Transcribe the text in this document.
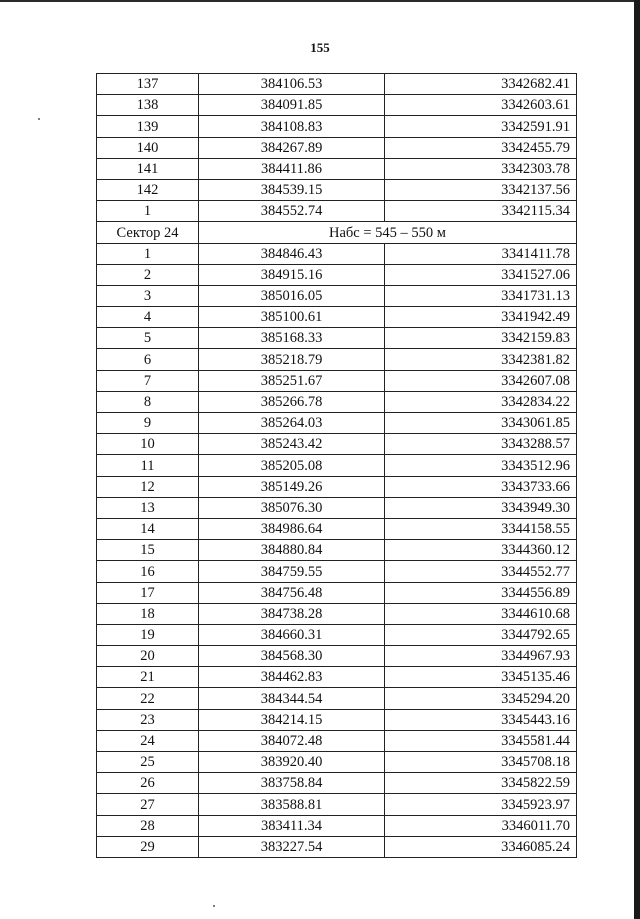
155
137	384106.53	3342682.41
138	384091.85	3342603.61
139	384108.83	3342591.91
140	384267.89	3342455.79
141	384411.86	3342303.78
142	384539.15	3342137.56
1	384552.74	3342115.34
Сектор 24	Набс = 545 – 550 м	
1	384846.43	3341411.78
2	384915.16	3341527.06
3	385016.05	3341731.13
4	385100.61	3341942.49
5	385168.33	3342159.83
6	385218.79	3342381.82
7	385251.67	3342607.08
8	385266.78	3342834.22
9	385264.03	3343061.85
10	385243.42	3343288.57
11	385205.08	3343512.96
12	385149.26	3343733.66
13	385076.30	3343949.30
14	384986.64	3344158.55
15	384880.84	3344360.12
16	384759.55	3344552.77
17	384756.48	3344556.89
18	384738.28	3344610.68
19	384660.31	3344792.65
20	384568.30	3344967.93
21	384462.83	3345135.46
22	384344.54	3345294.20
23	384214.15	3345443.16
24	384072.48	3345581.44
25	383920.40	3345708.18
26	383758.84	3345822.59
27	383588.81	3345923.97
28	383411.34	3346011.70
29	383227.54	3346085.24
